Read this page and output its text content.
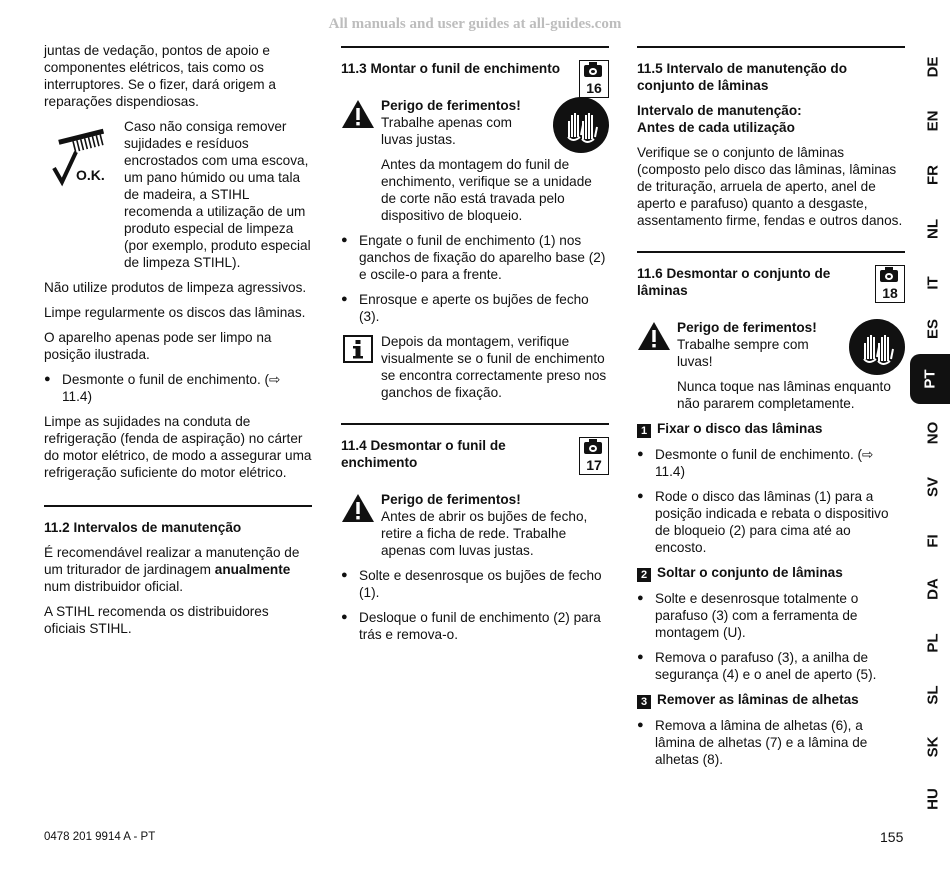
All manuals and user guides at all-guides.com

juntas de vedação, pontos de apoio e componentes elétricos, tais como os interruptores. Se o fizer, dará origem a reparações dispendiosas.

O.K.

Caso não consiga remover sujidades e resíduos encrostados com uma escova, um pano húmido ou uma tala de madeira, a STIHL recomenda a utilização de um produto especial de limpeza (por exemplo, produto especial de limpeza STIHL).

Não utilize produtos de limpeza agressivos.

Limpe regularmente os discos das lâminas.

O aparelho apenas pode ser limpo na posição ilustrada.

● Desmonte o funil de enchimento. (⇨ 11.4)

Limpe as sujidades na conduta de refrigeração (fenda de aspiração) no cárter do motor elétrico, de modo a assegurar uma refrigeração suficiente do motor elétrico.

11.2 Intervalos de manutenção

É recomendável realizar a manutenção de um triturador de jardinagem anualmente num distribuidor oficial.

A STIHL recomenda os distribuidores oficiais STIHL.

11.3 Montar o funil de enchimento
16
Perigo de ferimentos!
Trabalhe apenas com luvas justas.

Antes da montagem do funil de enchimento, verifique se a unidade de corte não está travada pelo dispositivo de bloqueio.

● Engate o funil de enchimento (1) nos ganchos de fixação do aparelho base (2) e oscile-o para a frente.
● Enrosque e aperte os bujões de fecho (3).
Depois da montagem, verifique visualmente se o funil de enchimento se encontra correctamente preso nos ganchos de fixação.
11.4 Desmontar o funil de enchimento	17
Perigo de ferimentos!
Antes de abrir os bujões de fecho, retire a ficha de rede. Trabalhe apenas com luvas justas.
● Solte e desenrosque os bujões de fecho (1).
● Desloque o funil de enchimento (2) para trás e remova-o.
11.5 Intervalo de manutenção do conjunto de lâminas
Intervalo de manutenção:
Antes de cada utilização

Verifique se o conjunto de lâminas (composto pelo disco das lâminas, lâminas de trituração, arruela de aperto, anel de aperto e parafuso) quanto a desgaste, assentamento firme, fendas e outros danos.

11.6 Desmontar o conjunto de lâminas	18
Perigo de ferimentos!
Trabalhe sempre com luvas!

Nunca toque nas lâminas enquanto não pararem completamente.

1 Fixar o disco das lâminas
● Desmonte o funil de enchimento. (⇨ 11.4)
● Rode o disco das lâminas (1) para a posição indicada e rebata o dispositivo de bloqueio (2) para cima até ao encosto.
2 Soltar o conjunto de lâminas
● Solte e desenrosque totalmente o parafuso (3) com a ferramenta de montagem (U).
● Remova o parafuso (3), a anilha de segurança (4) e o anel de aperto (5).
3 Remover as lâminas de alhetas
● Remova a lâmina de alhetas (6), a lâmina de alhetas (7) e a lâmina de alhetas (8).
DE
EN
FR
NL
IT
ES
PT
NO
SV
FI
DA
PL
SL
SK
HU
0478 201 9914 A - PT	155
